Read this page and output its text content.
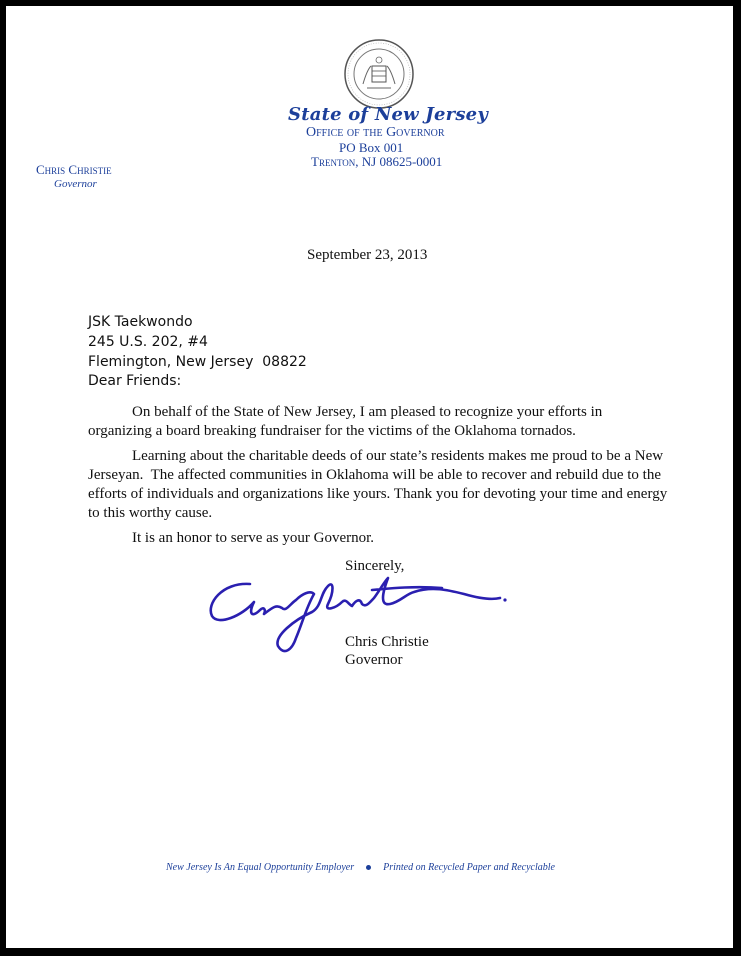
State of New Jersey
Office of the Governor
PO Box 001
Trenton, NJ 08625-0001
Chris Christie
Governor
September 23, 2013
JSK Taekwondo
245 U.S. 202, #4
Flemington, New Jersey  08822
Dear Friends:
On behalf of the State of New Jersey, I am pleased to recognize your efforts in organizing a board breaking fundraiser for the victims of the Oklahoma tornados.
Learning about the charitable deeds of our state’s residents makes me proud to be a New Jerseyan.  The affected communities in Oklahoma will be able to recover and rebuild due to the efforts of individuals and organizations like yours. Thank you for devoting your time and energy to this worthy cause.
It is an honor to serve as your Governor.
Sincerely,
Chris Christie
Governor
New Jersey Is An Equal Opportunity Employer	Printed on Recycled Paper and Recyclable
